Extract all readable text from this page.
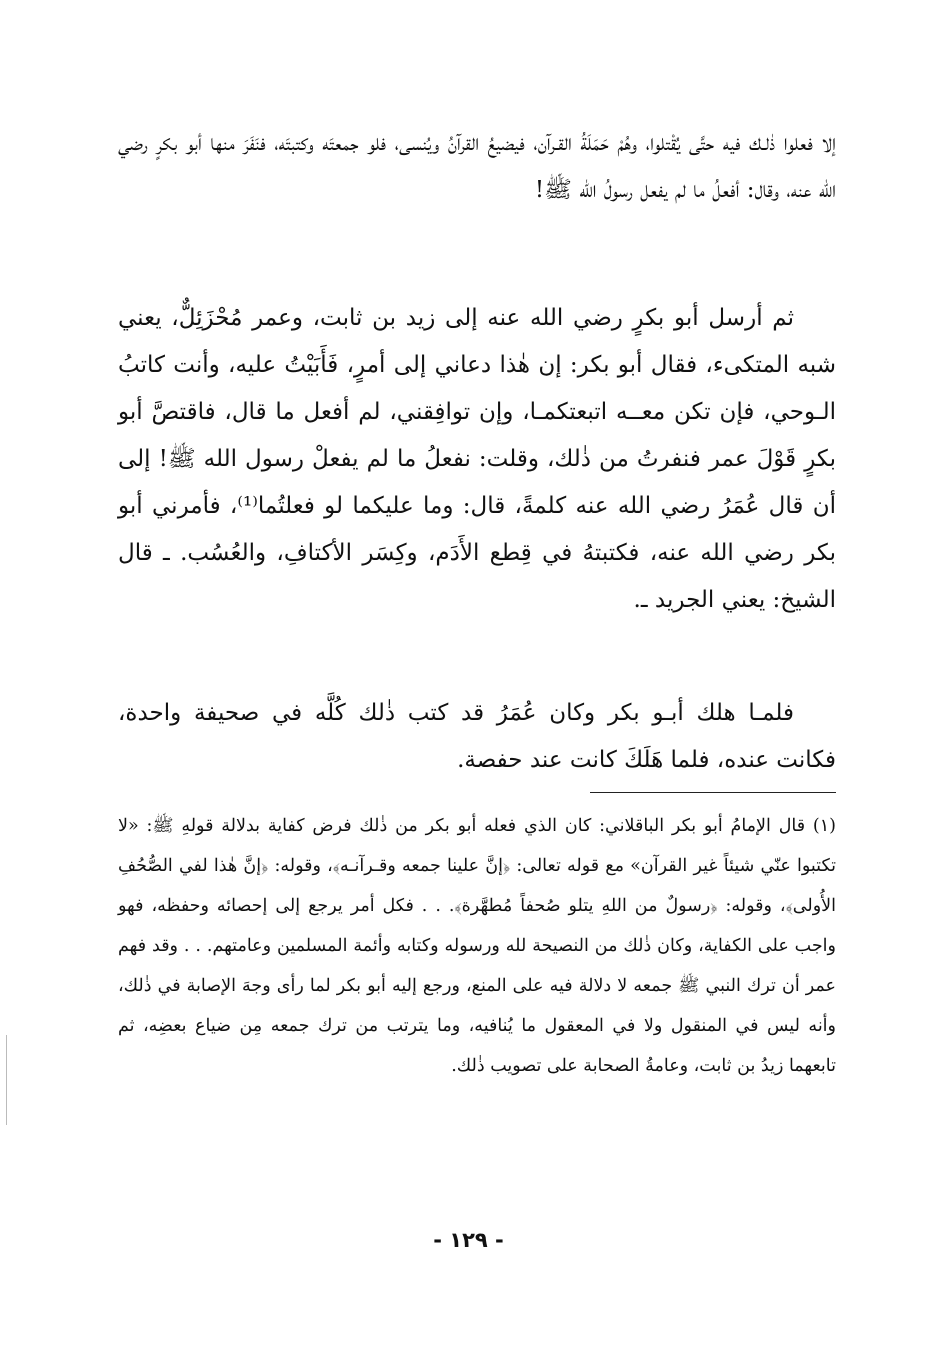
إلا فعلوا ذٰلـك فيه حتَّى يُقْتلوا، وهُمْ حَمَلَةُ القـرآن، فيضيعُ القرآنُ ويُنسى، فلو جمعتَه وكتبتَه، فنَفَرَ منها أبو بكرٍ رضي الله عنه، وقال: أفعلُ ما لم يفعل رسولُ الله ﷺ!

ثم أرسل أبو بكرٍ رضي الله عنه إلى زيد بن ثابت، وعمر مُحْزَئِلٌّ، يعني شبه المتكىء، فقال أبو بكر: إن هٰذا دعاني إلى أمرٍ، فَأَبَيْتُ عليه، وأنت كاتبُ الـوحي، فإن تكن معــه اتبعتكمـا، وإن توافِقني، لم أفعل ما قال، فاقتصَّ أبو بكرٍ قَوْلَ عمر فنفرتُ من ذٰلك، وقلت: نفعلُ ما لم يفعلْ رسول الله ﷺ! إلى أن قال عُمَرُ رضي الله عنه كلمةً، قال: وما عليكما لو فعلتُما⁽¹⁾، فأمرني أبو بكر رضي الله عنه، فكتبتهُ في قِطع الأَدَم، وكِسَر الأكتافِ، والعُسُب. ـ قال الشيخ: يعني الجريد ـ.

فلمـا هلك أبـو بكر وكان عُمَرُ قد كتب ذٰلك كُلَّه في صحيفة واحدة، فكانت عنده، فلما هَلَكَ كانت عند حفصة.

(١) قال الإمامُ أبو بكر الباقلاني: كان الذي فعله أبو بكر من ذٰلك فرض كفاية بدلالة قولهِ ﷺ: «لا تكتبوا عنّي شيئاً غير القرآن» مع قوله تعالى: ﴿إنَّ علينا جمعه وقـرآنـه﴾، وقوله: ﴿إنَّ هٰذا لفي الصُّحُفِ الأُولى﴾، وقوله: ﴿رسولٌ من اللهِ يتلو صُحفاً مُطهَّرة﴾. . . فكل أمر يرجع إلى إحصائه وحفظه، فهو واجب على الكفاية، وكان ذٰلك من النصيحة لله ورسوله وكتابه وأئمة المسلمين وعامتهم. . . وقد فهم عمر أن ترك النبي ﷺ جمعه لا دلالة فيه على المنع، ورجع إليه أبو بكر لما رأى وجهَ الإصابة في ذٰلك، وأنه ليس في المنقول ولا في المعقول ما يُنافيه، وما يترتب من ترك جمعه مِن ضياع بعضِه، ثم تابعهما زيدُ بن ثابت، وعامةُ الصحابة على تصويب ذٰلك.

- ١٢٩ -
